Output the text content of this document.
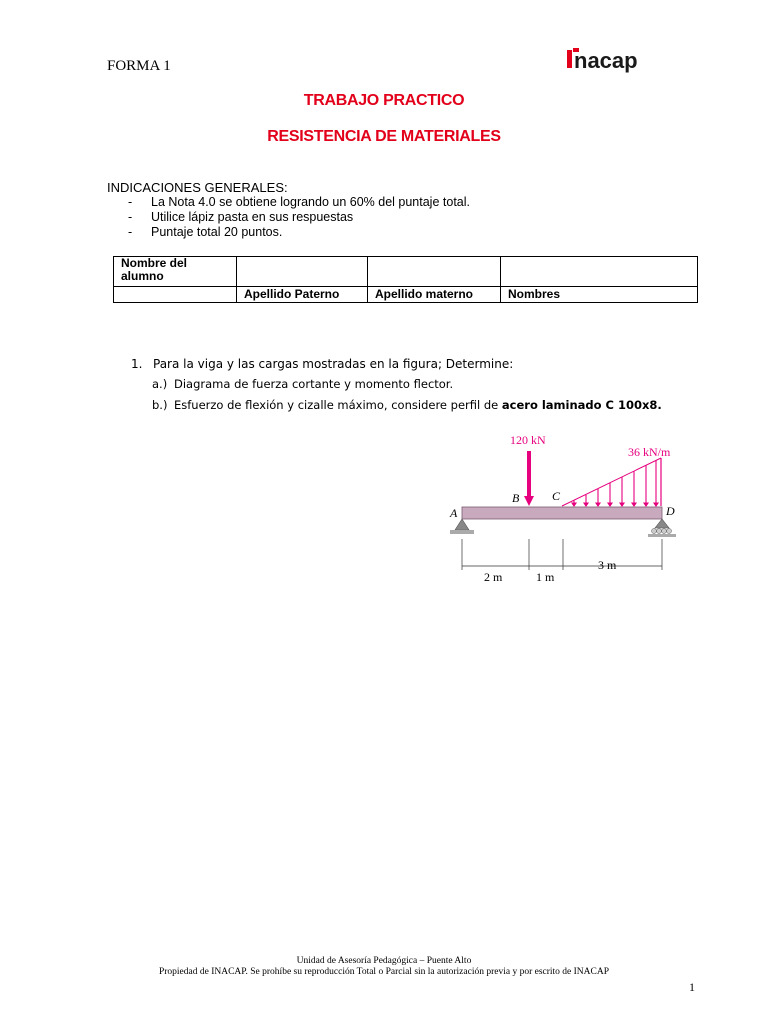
FORMA 1	nacap
TRABAJO PRACTICO
RESISTENCIA DE MATERIALES
INDICACIONES GENERALES:
- La Nota 4.0 se obtiene logrando un 60% del puntaje total.
- Utilice lápiz pasta en sus respuestas
- Puntaje total 20 puntos.
Nombre del alumno			
	Apellido Paterno	Apellido materno	Nombres
1. Para la viga y las cargas mostradas en la figura; Determine:
a.) Diagrama de fuerza cortante y momento flector.
b.) Esfuerzo de flexión y cizalle máximo, considere perfil de acero laminado C 100x8.
A	D
120 kN
B	C
36 kN/m
2 m	1 m
3 m
Unidad de Asesoría Pedagógica – Puente Alto
Propiedad de INACAP. Se prohíbe su reproducción Total o Parcial sin la autorización previa y por escrito de INACAP
1
